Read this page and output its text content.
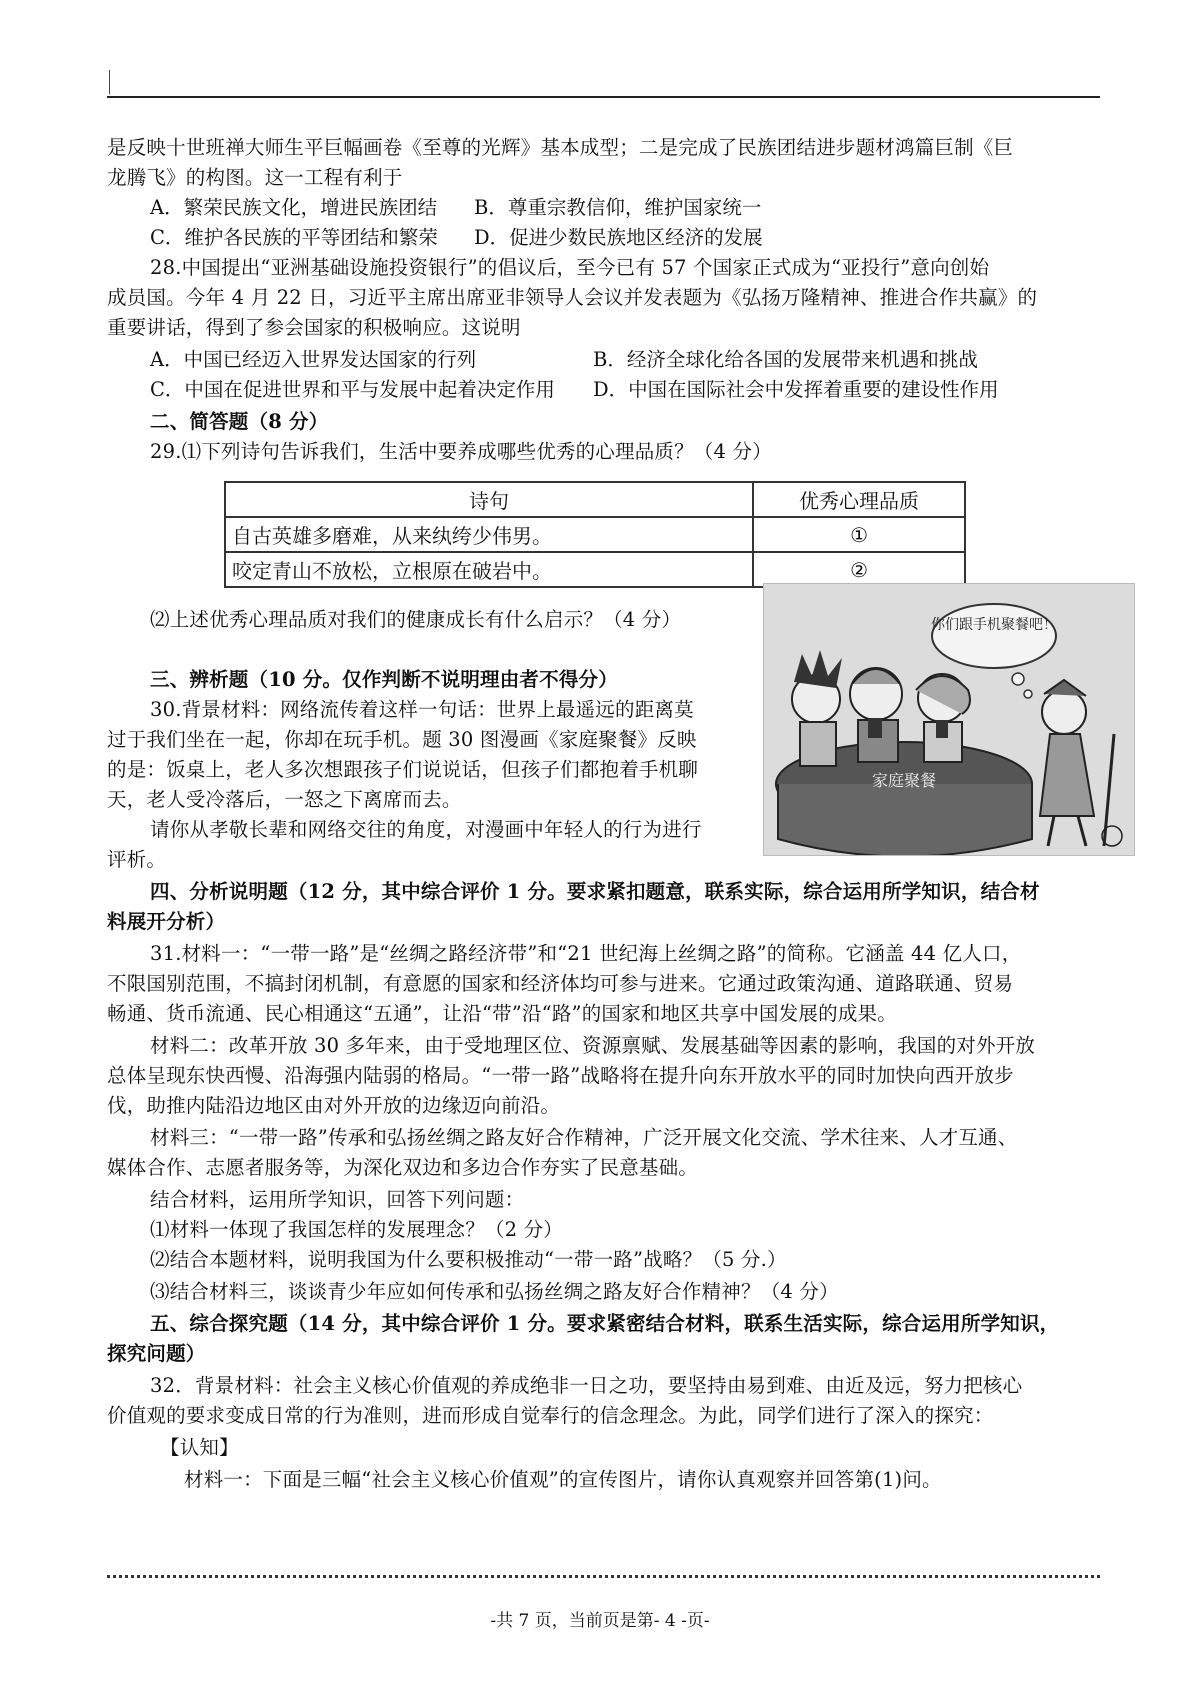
是反映十世班禅大师生平巨幅画卷《至尊的光辉》基本成型；二是完成了民族团结进步题材鸿篇巨制《巨
龙腾飞》的构图。这一工程有利于
A．繁荣民族文化，增进民族团结 B．尊重宗教信仰，维护国家统一
C．维护各民族的平等团结和繁荣 D．促进少数民族地区经济的发展
28.中国提出“亚洲基础设施投资银行”的倡议后，至今已有 57 个国家正式成为“亚投行”意向创始
成员国。今年 4 月 22 日，习近平主席出席亚非领导人会议并发表题为《弘扬万隆精神、推进合作共赢》的
重要讲话，得到了参会国家的积极响应。这说明
A．中国已经迈入世界发达国家的行列	B．经济全球化给各国的发展带来机遇和挑战
C．中国在促进世界和平与发展中起着决定作用 D．中国在国际社会中发挥着重要的建设性作用
二、简答题（8 分）
29.⑴下列诗句告诉我们，生活中要养成哪些优秀的心理品质？（4 分）
诗句	优秀心理品质
自古英雄多磨难，从来纨绔少伟男。	①
咬定青山不放松，立根原在破岩中。	②
你们跟手机聚餐吧！
家庭聚餐
⑵上述优秀心理品质对我们的健康成长有什么启示？（4 分）
三、辨析题（10 分。仅作判断不说明理由者不得分）
30.背景材料：网络流传着这样一句话：世界上最遥远的距离莫
过于我们坐在一起，你却在玩手机。题 30 图漫画《家庭聚餐》反映
的是：饭桌上，老人多次想跟孩子们说说话，但孩子们都抱着手机聊
天，老人受冷落后，一怒之下离席而去。
请你从孝敬长辈和网络交往的角度，对漫画中年轻人的行为进行
评析。
四、分析说明题（12 分，其中综合评价 1 分。要求紧扣题意，联系实际，综合运用所学知识，结合材
料展开分析）
31.材料一：“一带一路”是“丝绸之路经济带”和“21 世纪海上丝绸之路”的简称。它涵盖 44 亿人口，
不限国别范围，不搞封闭机制，有意愿的国家和经济体均可参与进来。它通过政策沟通、道路联通、贸易
畅通、货币流通、民心相通这“五通”，让沿“带”沿“路”的国家和地区共享中国发展的成果。
材料二：改革开放 30 多年来，由于受地理区位、资源禀赋、发展基础等因素的影响，我国的对外开放
总体呈现东快西慢、沿海强内陆弱的格局。“一带一路”战略将在提升向东开放水平的同时加快向西开放步
伐，助推内陆沿边地区由对外开放的边缘迈向前沿。
材料三：“一带一路”传承和弘扬丝绸之路友好合作精神，广泛开展文化交流、学术往来、人才互通、
媒体合作、志愿者服务等，为深化双边和多边合作夯实了民意基础。
结合材料，运用所学知识，回答下列问题：
⑴材料一体现了我国怎样的发展理念？（2 分）
⑵结合本题材料，说明我国为什么要积极推动“一带一路”战略？（5 分.）
⑶结合材料三，谈谈青少年应如何传承和弘扬丝绸之路友好合作精神？（4 分）
五、综合探究题（14 分，其中综合评价 1 分。要求紧密结合材料，联系生活实际，综合运用所学知识，
探究问题）
32．背景材料：社会主义核心价值观的养成绝非一日之功，要坚持由易到难、由近及远，努力把核心
价值观的要求变成日常的行为准则，进而形成自觉奉行的信念理念。为此，同学们进行了深入的探究：
【认知】
材料一：下面是三幅“社会主义核心价值观”的宣传图片，请你认真观察并回答第(1)问。
-共 7 页，当前页是第- 4 -页-
